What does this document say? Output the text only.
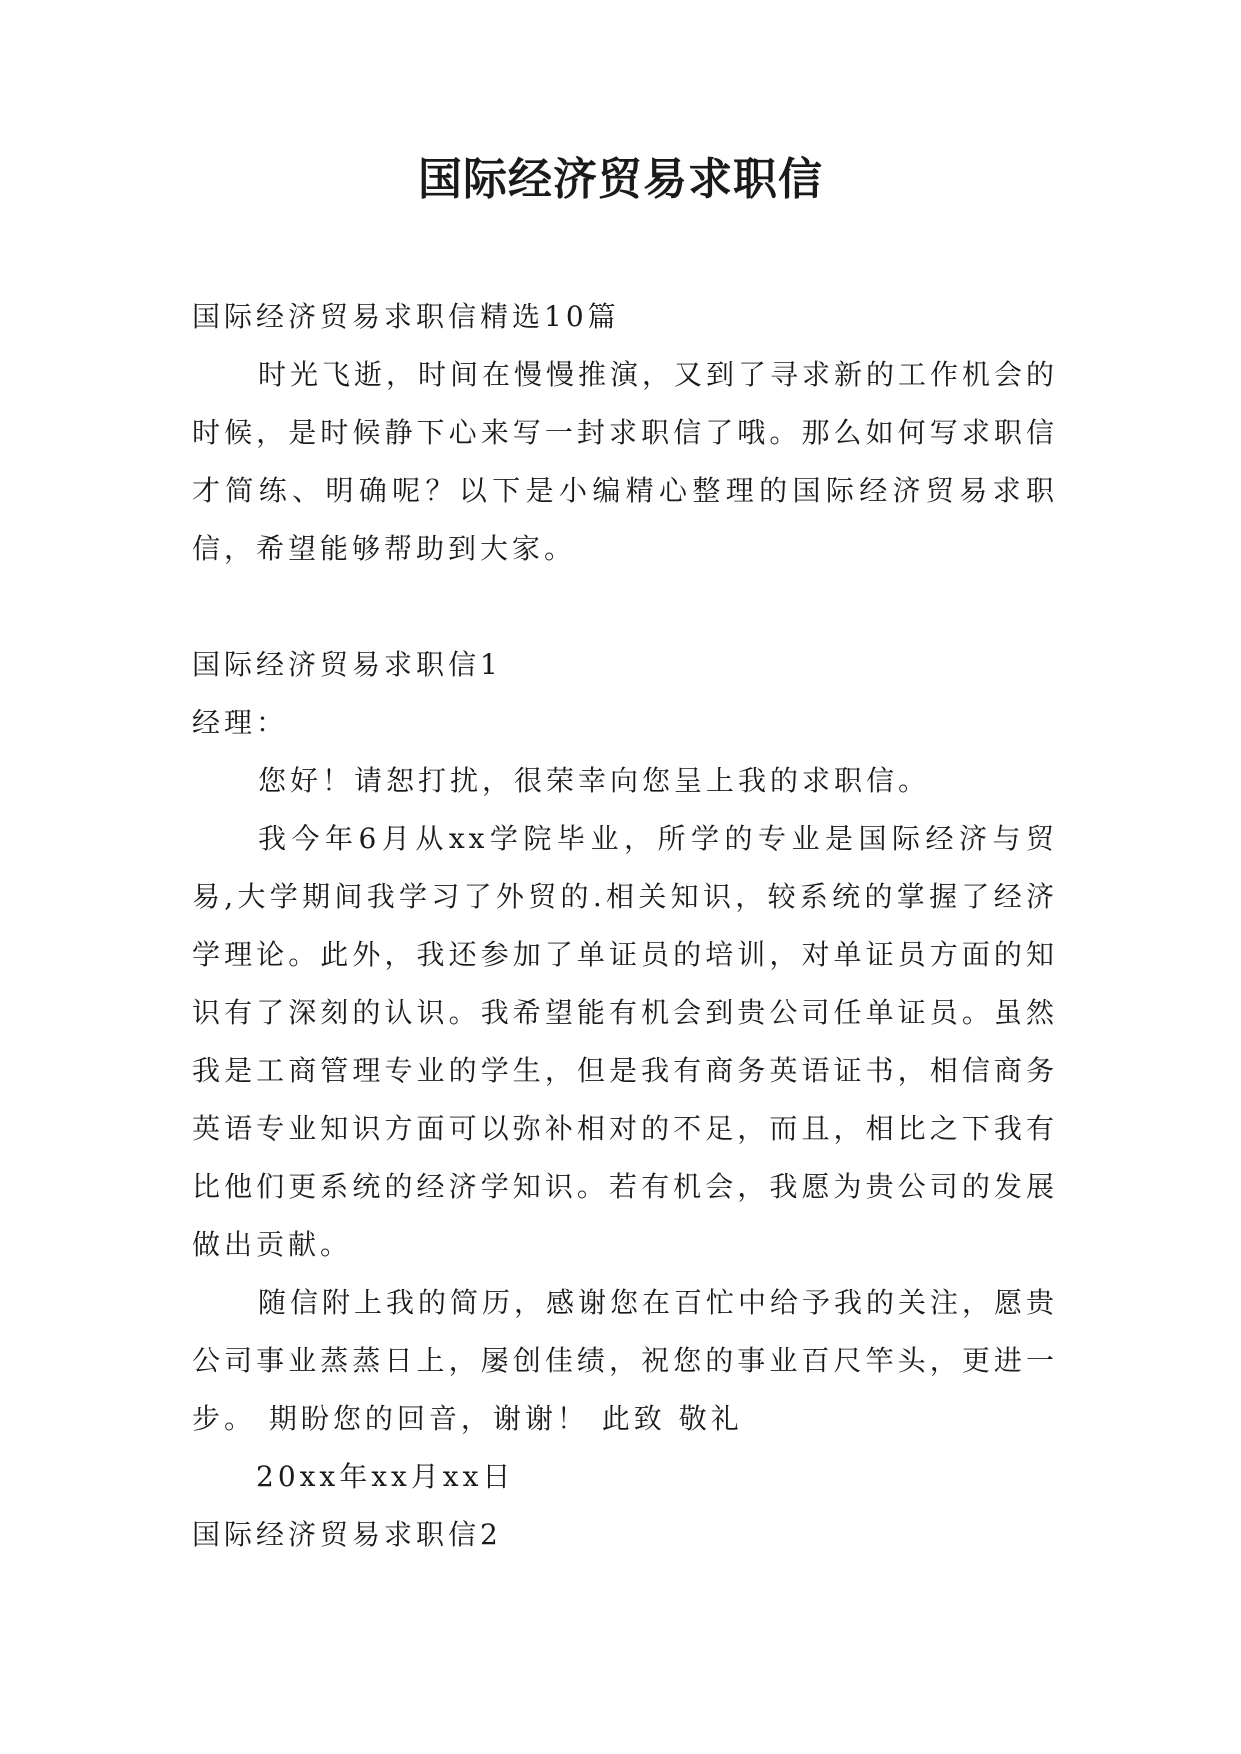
国际经济贸易求职信

国际经济贸易求职信精选10篇

时光飞逝，时间在慢慢推演，又到了寻求新的工作机会的时候，是时候静下心来写一封求职信了哦。那么如何写求职信才简练、明确呢？以下是小编精心整理的国际经济贸易求职信，希望能够帮助到大家。

国际经济贸易求职信1

经理：

您好！请恕打扰，很荣幸向您呈上我的求职信。

我今年6月从xx学院毕业，所学的专业是国际经济与贸易,大学期间我学习了外贸的.相关知识，较系统的掌握了经济学理论。此外，我还参加了单证员的培训，对单证员方面的知识有了深刻的认识。我希望能有机会到贵公司任单证员。虽然我是工商管理专业的学生，但是我有商务英语证书，相信商务英语专业知识方面可以弥补相对的不足，而且，相比之下我有比他们更系统的经济学知识。若有机会，我愿为贵公司的发展做出贡献。

随信附上我的简历，感谢您在百忙中给予我的关注，愿贵公司事业蒸蒸日上，屡创佳绩，祝您的事业百尺竿头，更进一步。 期盼您的回音，谢谢！ 此致 敬礼

20xx年xx月xx日

国际经济贸易求职信2
